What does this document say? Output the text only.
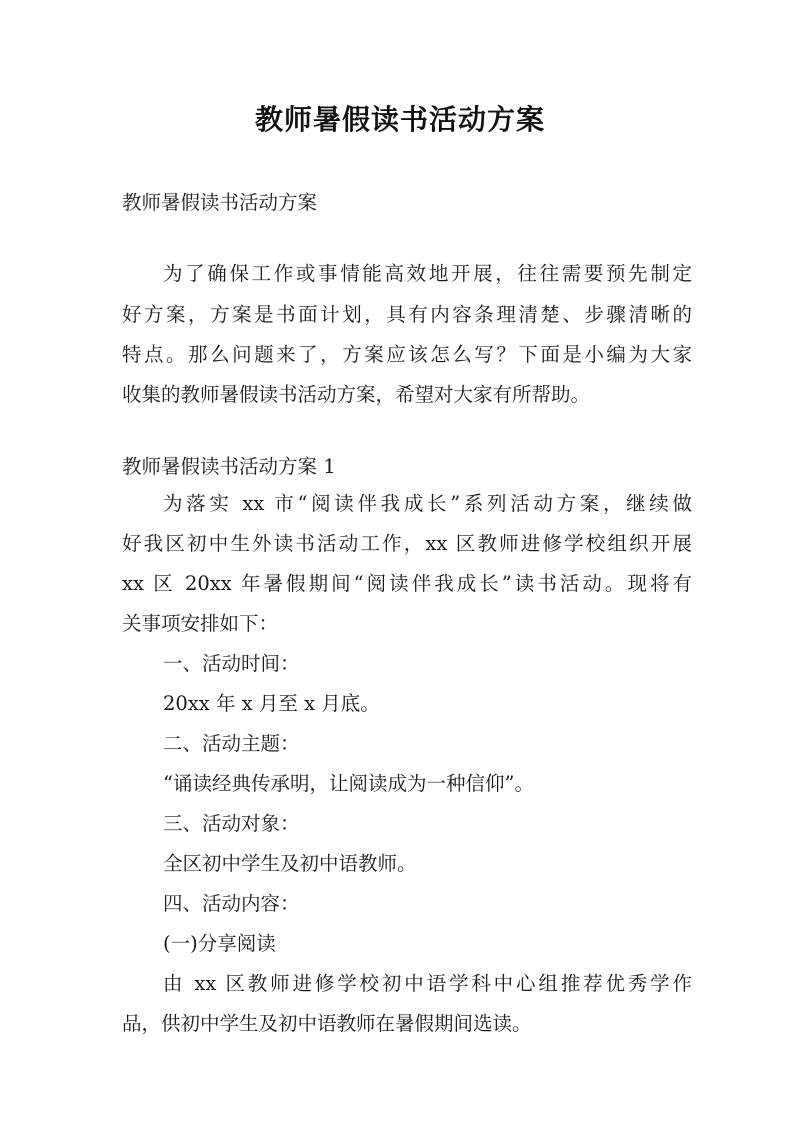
教师暑假读书活动方案
教师暑假读书活动方案
为了确保工作或事情能高效地开展，往往需要预先制定
好方案，方案是书面计划，具有内容条理清楚、步骤清晰的
特点。那么问题来了，方案应该怎么写？下面是小编为大家
收集的教师暑假读书活动方案，希望对大家有所帮助。
教师暑假读书活动方案 1
为落实 xx 市“阅读伴我成长”系列活动方案，继续做
好我区初中生外读书活动工作，xx 区教师进修学校组织开展
xx 区 20xx 年暑假期间“阅读伴我成长”读书活动。现将有
关事项安排如下：
一、活动时间：
20xx 年 x 月至 x 月底。
二、活动主题：
“诵读经典传承明，让阅读成为一种信仰”。
三、活动对象：
全区初中学生及初中语教师。
四、活动内容：
(一)分享阅读
由 xx 区教师进修学校初中语学科中心组推荐优秀学作
品，供初中学生及初中语教师在暑假期间选读。
